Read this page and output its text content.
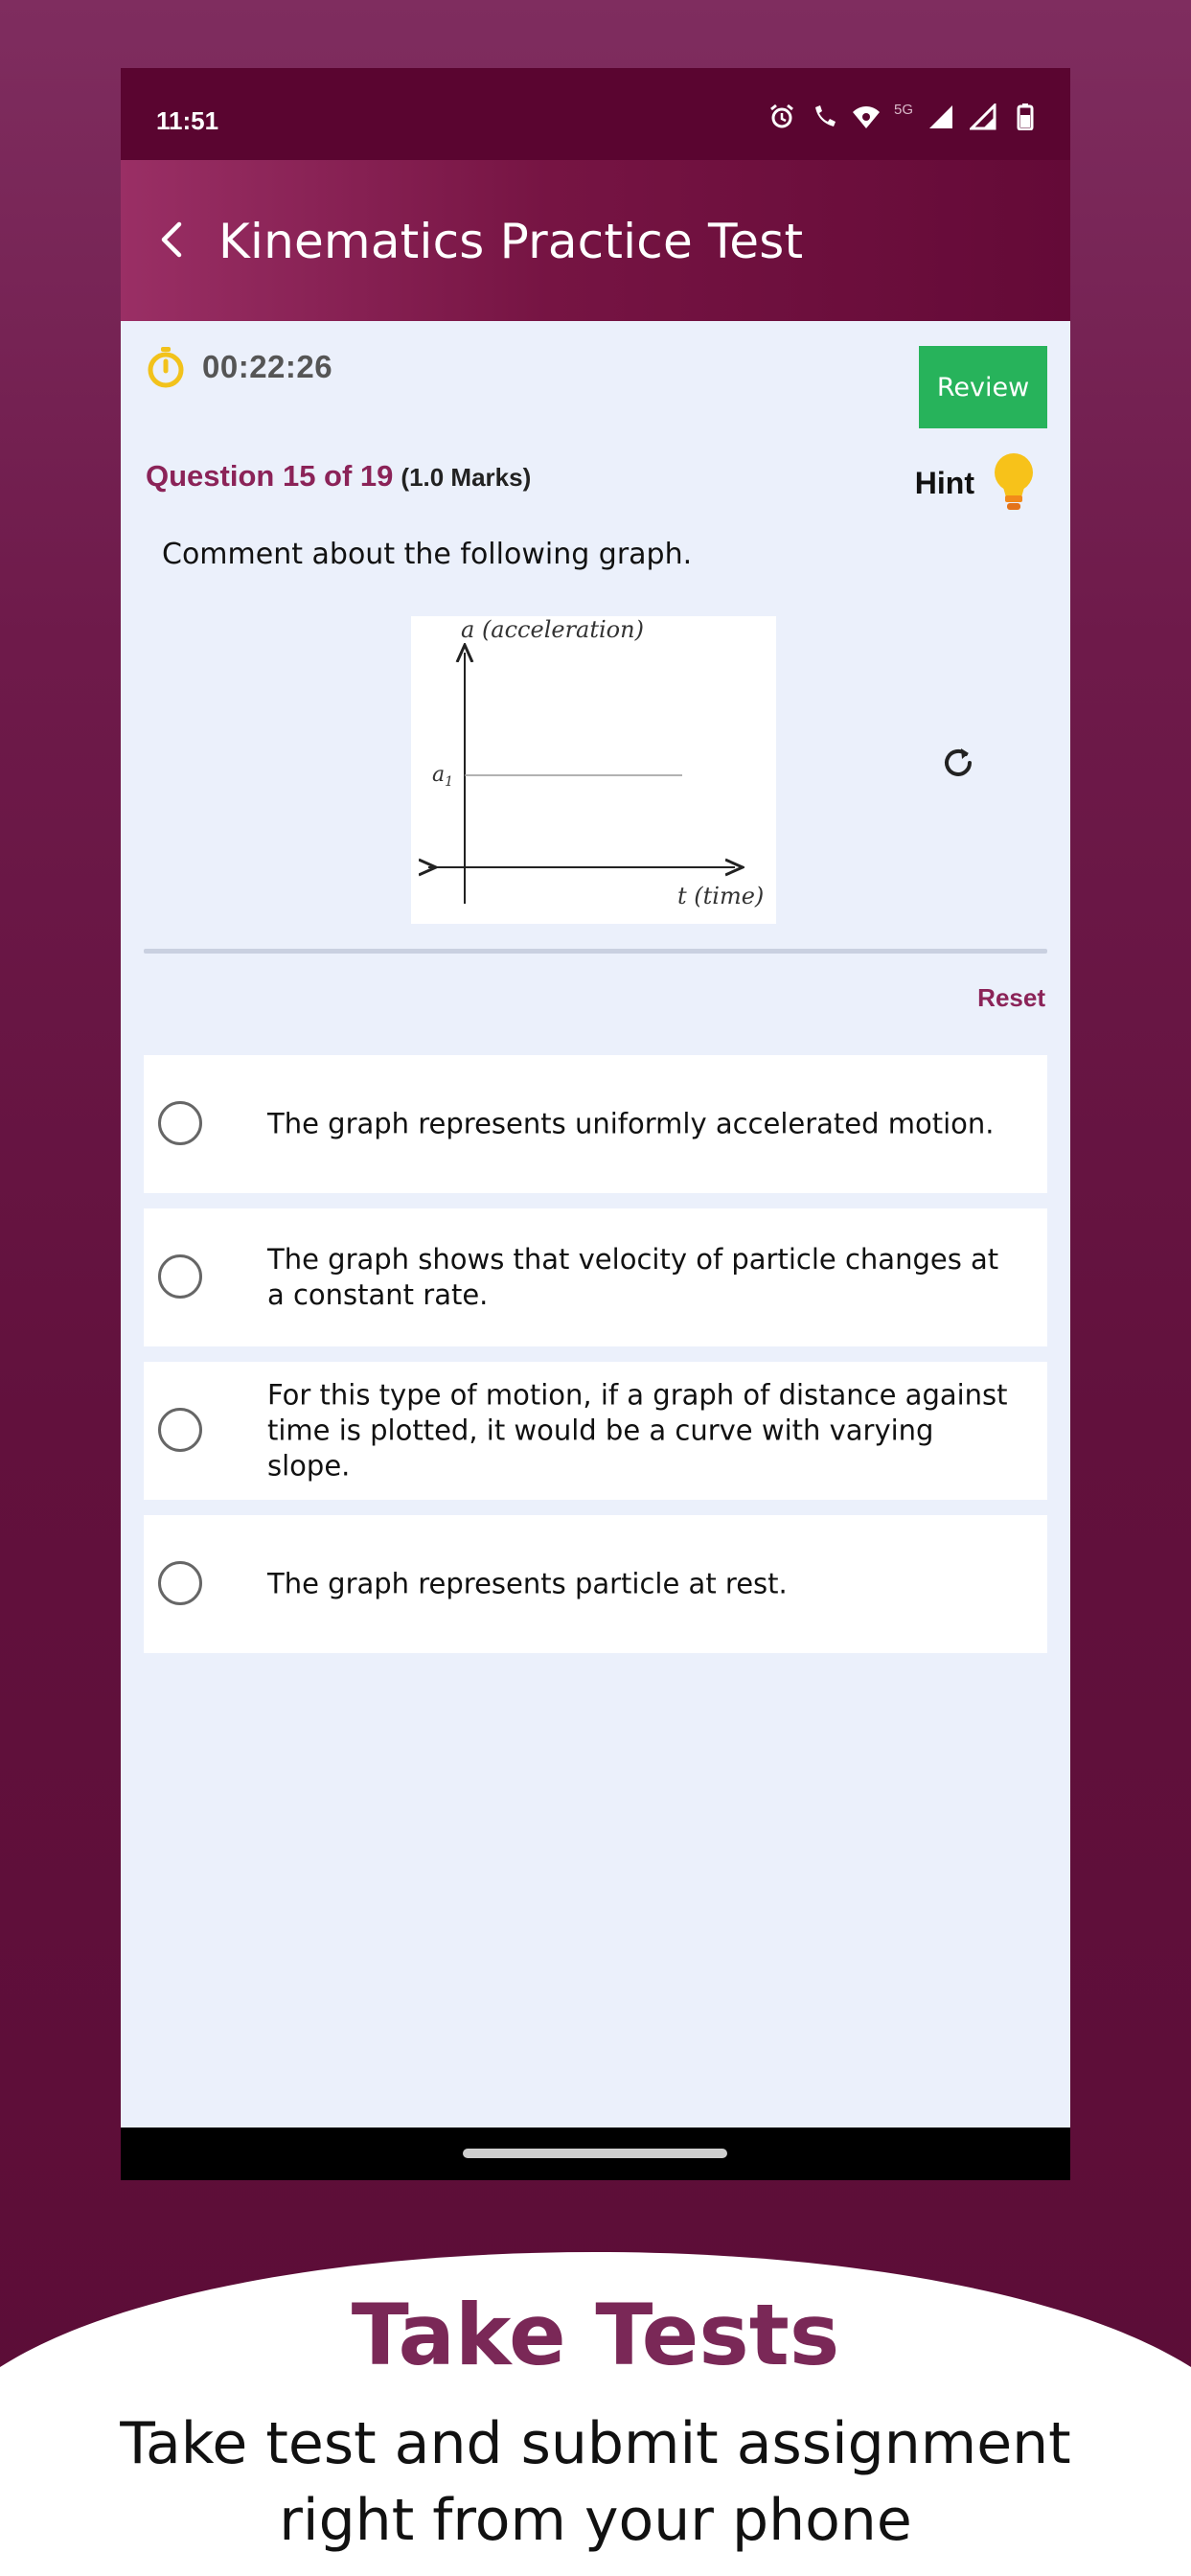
11:51	5G
Kinematics Practice Test
00:22:26
Review
Question 15 of 19 (1.0 Marks)	Hint
Comment about the following graph.
a (acceleration)
t (time)
$a_1$
Reset
The graph represents uniformly accelerated motion.
The graph shows that velocity of particle changes at a constant rate.
For this type of motion, if a graph of distance against time is plotted, it would be a curve with varying slope.
The graph represents particle at rest.
Take Tests
Take test and submit assignment
right from your phone
